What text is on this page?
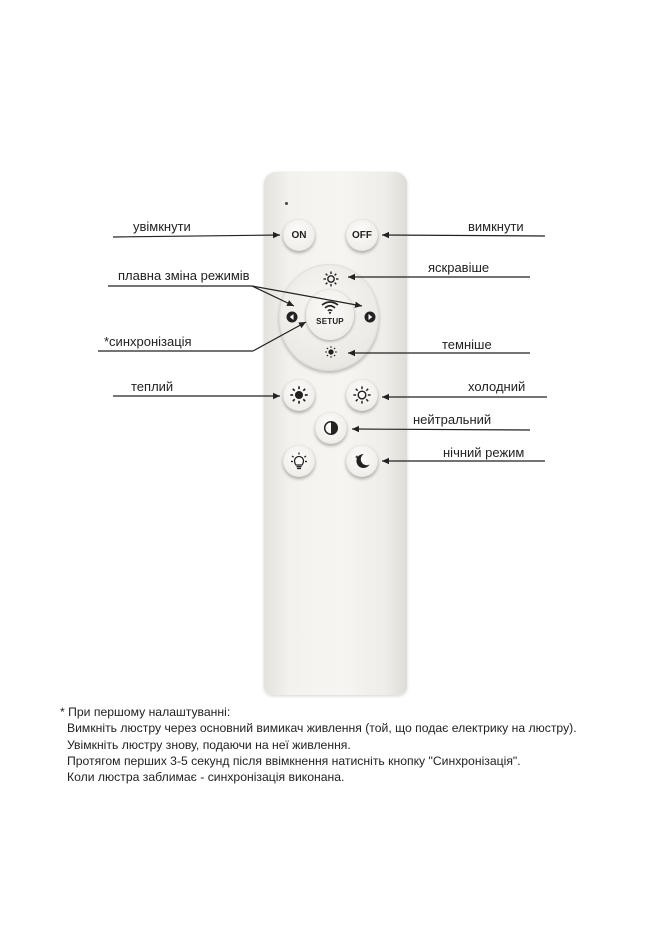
ON	OFF
SETUP
увімкнути	вимкнути
плавна зміна режимів
яскравіше
*синхронізація	темніше
теплий	холодний
нейтральний
нічний режим
* При першому налаштуванні:
Вимкніть люстру через основний вимикач живлення (той, що подає електрику на люстру).
Увімкніть люстру знову, подаючи на неї живлення.
Протягом перших 3-5 секунд після ввімкнення натисніть кнопку "Синхронізація".
Коли люстра заблимає - синхронізація виконана.
